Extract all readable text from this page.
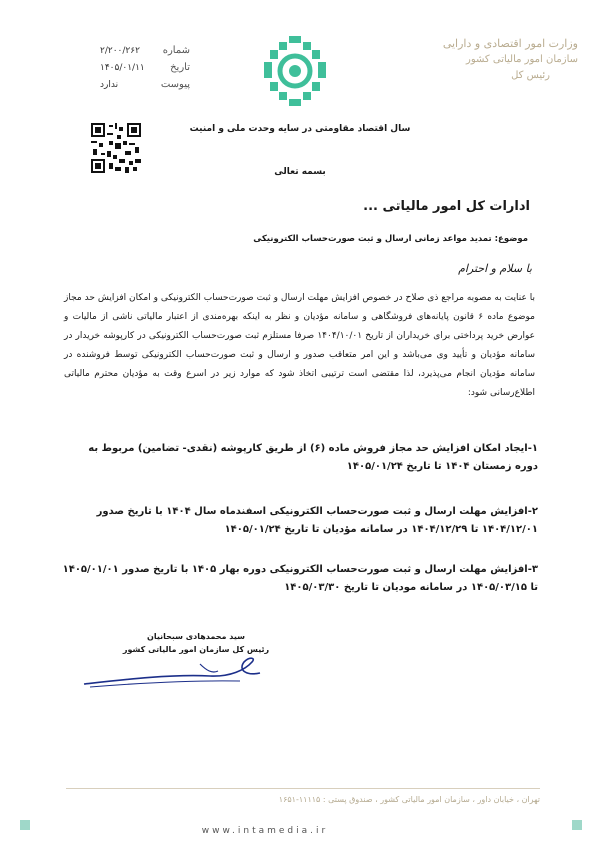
وزارت امور اقتصادی و دارایی
سازمان امور مالیاتی کشور
رئیس کل
شماره
۲/۲۰۰/۲۶۲
تاریخ
۱۴۰۵/۰۱/۱۱
پیوست
ندارد
سال اقتصاد مقاومتی در سایه وحدت ملی و امنیت
بسمه تعالی
ادارات کل امور مالیاتی ...
موضوع: تمدید مواعد زمانی ارسال و ثبت صورت‌حساب الکترونیکی
با سلام و احترام

با عنایت به مصوبه مراجع ذی صلاح در خصوص افزایش مهلت ارسال و ثبت صورت‌حساب الکترونیکی و امکان افزایش حد مجاز موضوع ماده ۶ قانون پایانه‌های فروشگاهی و سامانه مؤدیان و نظر به اینکه بهره‌مندی از اعتبار مالیاتی ناشی از مالیات و عوارض خرید پرداختی برای خریداران از تاریخ ۱۴۰۴/۱۰/۰۱ صرفا مستلزم ثبت صورت‌حساب الکترونیکی در کارپوشه خریدار در سامانه مؤدیان و تأیید وی می‌باشد و این امر متعاقب صدور و ارسال و ثبت صورت‌حساب الکترونیکی توسط فروشنده در سامانه مؤدیان انجام می‌پذیرد، لذا مقتضی است ترتیبی اتخاذ شود که موارد زیر در اسرع وقت به مؤدیان محترم مالیاتی اطلاع‌رسانی شود:

۱-ایجاد امکان افزایش حد مجاز فروش ماده (۶) از طریق کارپوشه (نقدی- تضامین) مربوط به دوره زمستان ۱۴۰۴ تا تاریخ ۱۴۰۵/۰۱/۲۴
۲-افزایش مهلت ارسال و ثبت صورت‌حساب الکترونیکی اسفندماه سال ۱۴۰۴ با تاریخ صدور ۱۴۰۴/۱۲/۰۱ تا ۱۴۰۴/۱۲/۲۹ در سامانه مؤدیان تا تاریخ ۱۴۰۵/۰۱/۲۴
۳-افزایش مهلت ارسال و ثبت صورت‌حساب الکترونیکی دوره بهار ۱۴۰۵ با تاریخ صدور ۱۴۰۵/۰۱/۰۱ تا ۱۴۰۵/۰۳/۱۵ در سامانه مودیان تا تاریخ ۱۴۰۵/۰۳/۳۰
سید محمدهادی سبحانیان
رئیس کل سازمان امور مالیاتی کشور
تهران ، خیابان داور ، سازمان امور مالیاتی کشور ، صندوق پستی : ۱۱۱۱۵-۱۶۵۱
www.intamedia.ir
